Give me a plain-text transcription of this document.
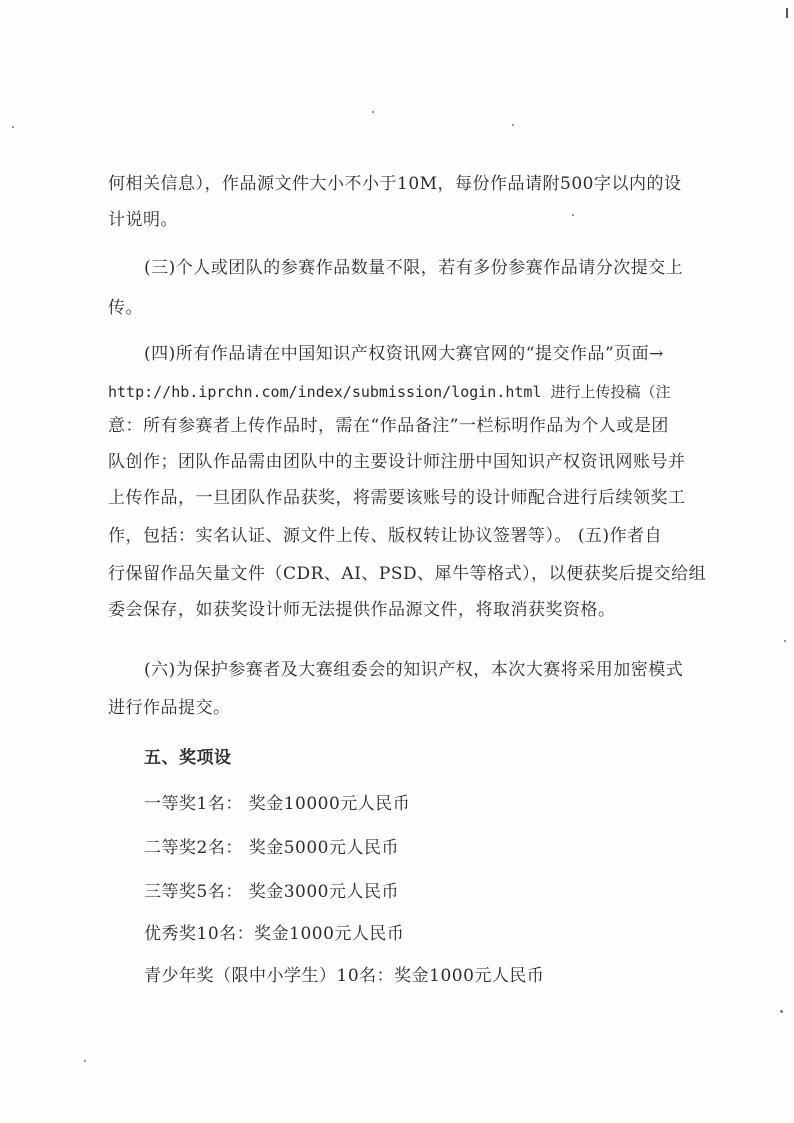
何相关信息），作品源文件大小不小于10M，每份作品请附500字以内的设
计说明。
(三)个人或团队的参赛作品数量不限，若有多份参赛作品请分次提交上
传。
(四)所有作品请在中国知识产权资讯网大赛官网的“提交作品”页面→
http://hb.iprchn.com/index/submission/login.html 进行上传投稿（注
意：所有参赛者上传作品时，需在“作品备注”一栏标明作品为个人或是团
队创作；团队作品需由团队中的主要设计师注册中国知识产权资讯网账号并
上传作品，一旦团队作品获奖，将需要该账号的设计师配合进行后续领奖工
作，包括：实名认证、源文件上传、版权转让协议签署等）。 (五)作者自
行保留作品矢量文件（CDR、AI、PSD、犀牛等格式），以便获奖后提交给组
委会保存，如获奖设计师无法提供作品源文件，将取消获奖资格。
(六)为保护参赛者及大赛组委会的知识产权，本次大赛将采用加密模式
进行作品提交。
五、奖项设
一等奖1名： 奖金10000元人民币
二等奖2名： 奖金5000元人民币
三等奖5名： 奖金3000元人民币
优秀奖10名：奖金1000元人民币
青少年奖（限中小学生）10名：奖金1000元人民币
